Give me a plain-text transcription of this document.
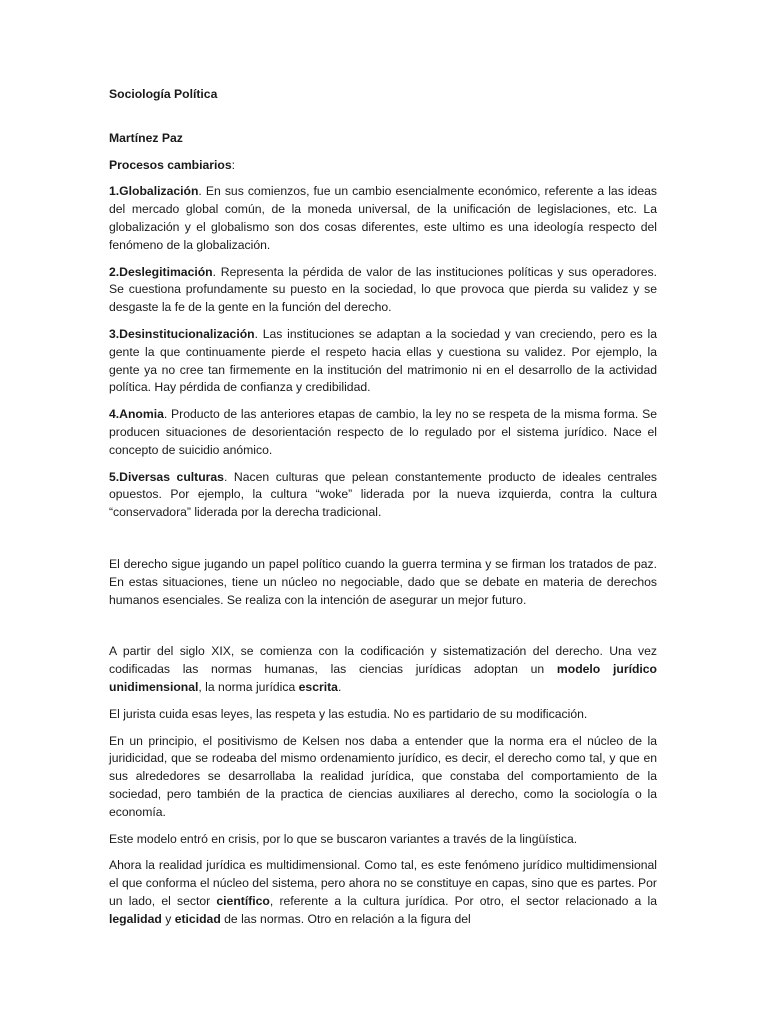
Sociología Política

Martínez Paz

Procesos cambiarios:

1.Globalización. En sus comienzos, fue un cambio esencialmente económico, referente a las ideas del mercado global común, de la moneda universal, de la unificación de legislaciones, etc. La globalización y el globalismo son dos cosas diferentes, este ultimo es una ideología respecto del fenómeno de la globalización.

2.Deslegitimación. Representa la pérdida de valor de las instituciones políticas y sus operadores. Se cuestiona profundamente su puesto en la sociedad, lo que provoca que pierda su validez y se desgaste la fe de la gente en la función del derecho.

3.Desinstitucionalización. Las instituciones se adaptan a la sociedad y van creciendo, pero es la gente la que continuamente pierde el respeto hacia ellas y cuestiona su validez. Por ejemplo, la gente ya no cree tan firmemente en la institución del matrimonio ni en el desarrollo de la actividad política. Hay pérdida de confianza y credibilidad.

4.Anomia. Producto de las anteriores etapas de cambio, la ley no se respeta de la misma forma. Se producen situaciones de desorientación respecto de lo regulado por el sistema jurídico. Nace el concepto de suicidio anómico.

5.Diversas culturas. Nacen culturas que pelean constantemente producto de ideales centrales opuestos. Por ejemplo, la cultura “woke” liderada por la nueva izquierda, contra la cultura “conservadora” liderada por la derecha tradicional.

El derecho sigue jugando un papel político cuando la guerra termina y se firman los tratados de paz. En estas situaciones, tiene un núcleo no negociable, dado que se debate en materia de derechos humanos esenciales. Se realiza con la intención de asegurar un mejor futuro.

A partir del siglo XIX, se comienza con la codificación y sistematización del derecho. Una vez codificadas las normas humanas, las ciencias jurídicas adoptan un modelo jurídico unidimensional, la norma jurídica escrita.

El jurista cuida esas leyes, las respeta y las estudia. No es partidario de su modificación.

En un principio, el positivismo de Kelsen nos daba a entender que la norma era el núcleo de la juridicidad, que se rodeaba del mismo ordenamiento jurídico, es decir, el derecho como tal, y que en sus alrededores se desarrollaba la realidad jurídica, que constaba del comportamiento de la sociedad, pero también de la practica de ciencias auxiliares al derecho, como la sociología o la economía.

Este modelo entró en crisis, por lo que se buscaron variantes a través de la lingüística.

Ahora la realidad jurídica es multidimensional. Como tal, es este fenómeno jurídico multidimensional el que conforma el núcleo del sistema, pero ahora no se constituye en capas, sino que es partes. Por un lado, el sector científico, referente a la cultura jurídica. Por otro, el sector relacionado a la legalidad y eticidad de las normas. Otro en relación a la figura del
